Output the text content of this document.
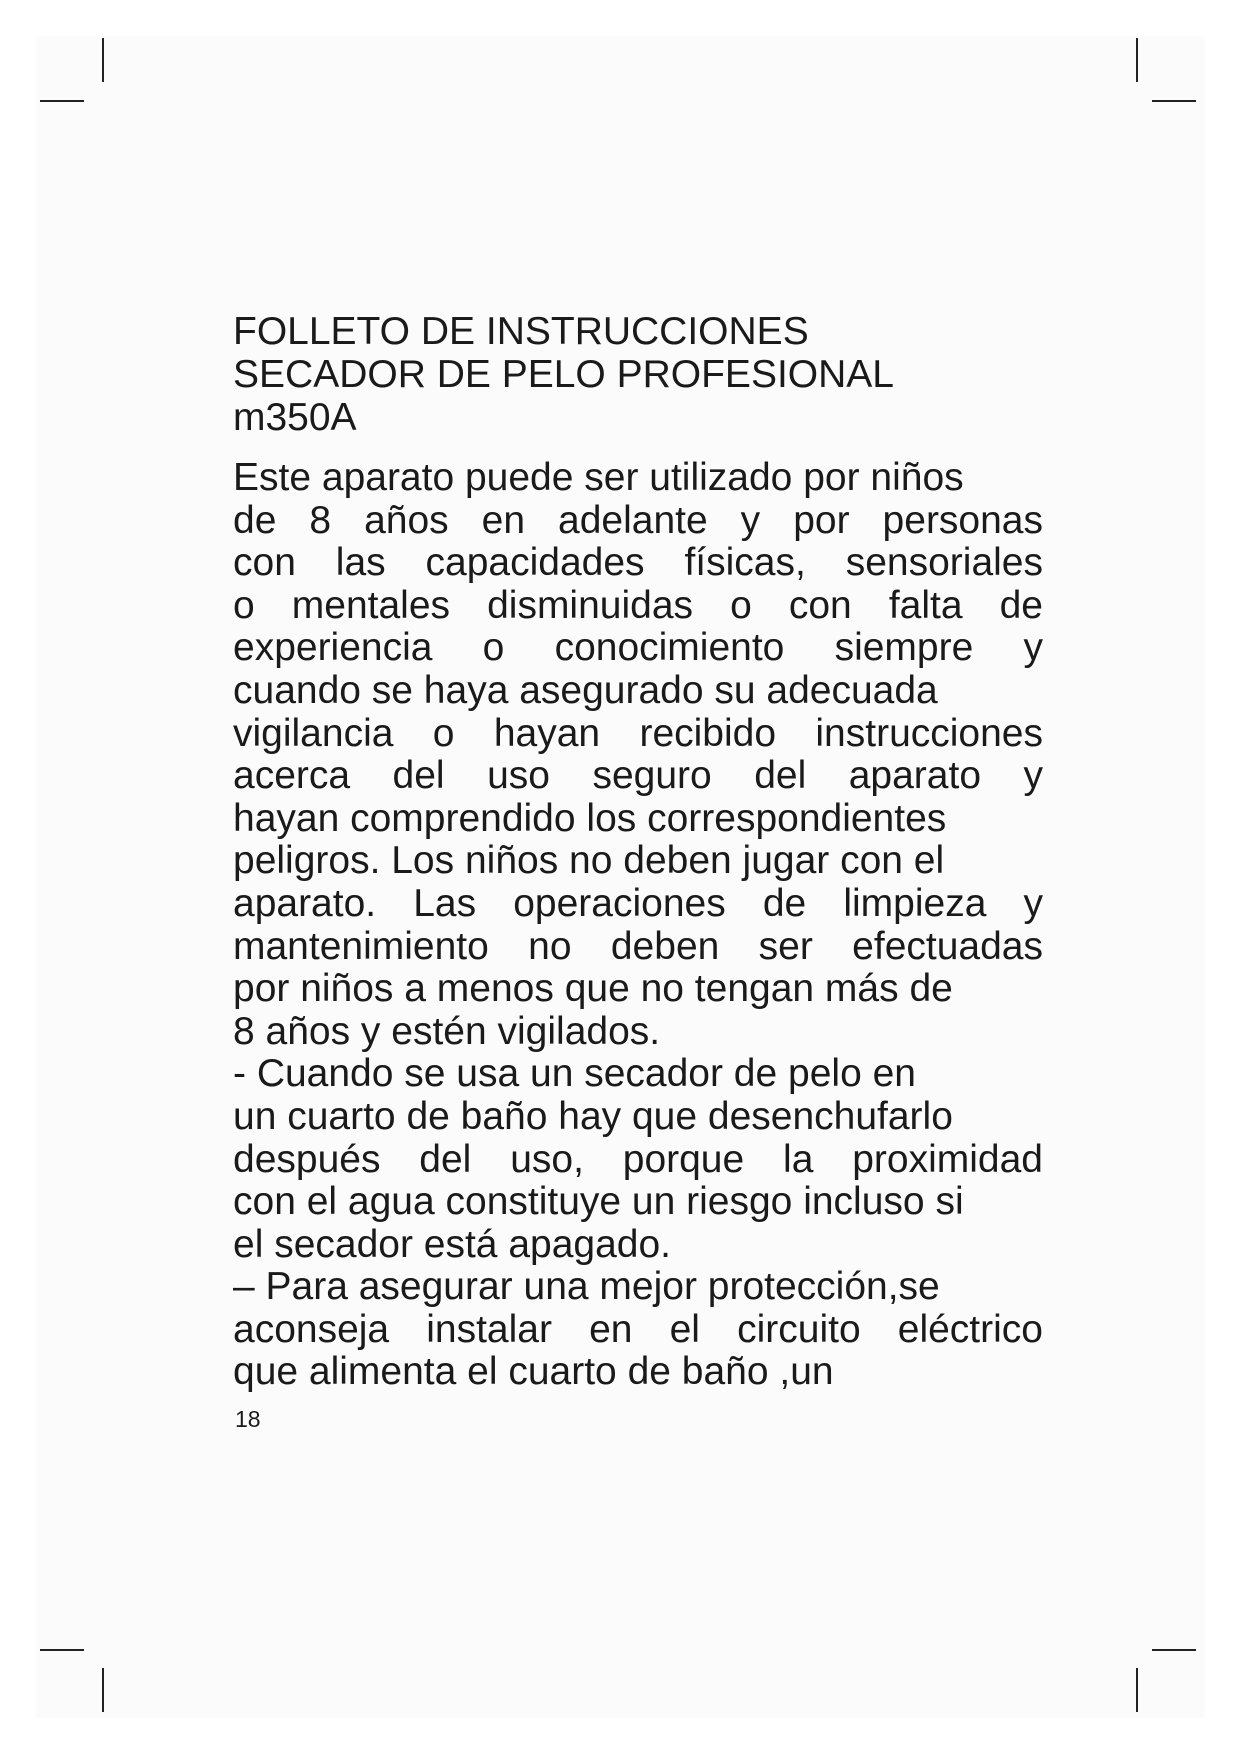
FOLLETO DE INSTRUCCIONES
SECADOR DE PELO PROFESIONAL
m350A
Este aparato puede ser utilizado por niños
de 8 años en adelante y por personas
con las capacidades físicas, sensoriales
o mentales disminuidas o con falta de
experiencia o conocimiento siempre y
cuando se haya asegurado su adecuada
vigilancia o hayan recibido instrucciones
acerca del uso seguro del aparato y
hayan comprendido los correspondientes
peligros. Los niños no deben jugar con el
aparato. Las operaciones de limpieza y
mantenimiento no deben ser efectuadas
por niños a menos que no tengan más de
8 años y estén vigilados.
- Cuando se usa un secador de pelo en
un cuarto de baño hay que desenchufarlo
después del uso, porque la proximidad
con el agua constituye un riesgo incluso si
el secador está apagado.
– Para asegurar una mejor protección,se
aconseja instalar en el circuito eléctrico
que alimenta el cuarto de baño ,un
18
